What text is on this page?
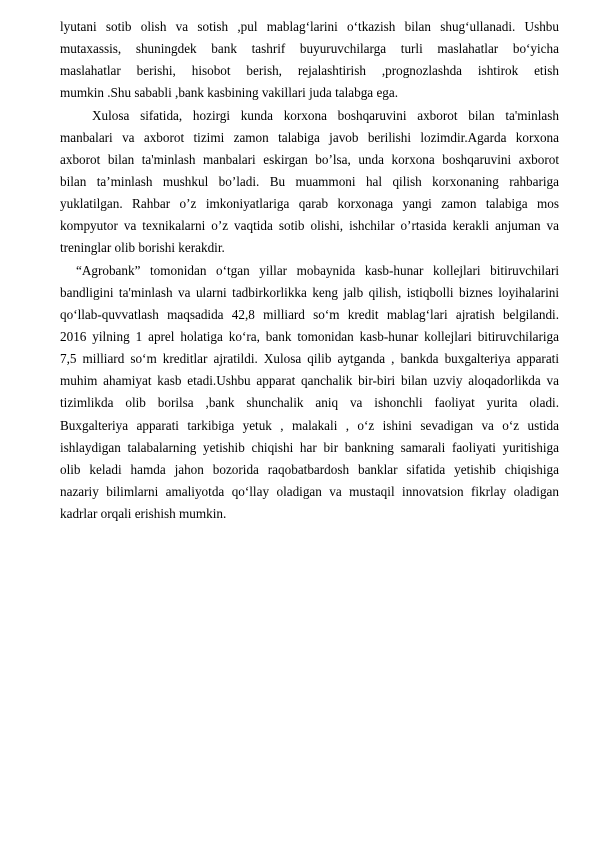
lyutani sotib olish va sotish ,pul mablag‘larini o‘tkazish bilan shug‘ullanadi. Ushbu
mutaxassis, shuningdek bank tashrif buyuruvchilarga turli maslahatlar bo‘yicha
maslahatlar berishi, hisobot berish, rejalashtirish ,prognozlashda ishtirok etish
mumkin .Shu sababli ,bank kasbining vakillari juda talabga ega.
Xulosa sifatida, hozirgi kunda korxona boshqaruvini axborot bilan ta'minlash
manbalari va axborot tizimi zamon talabiga javob berilishi lozimdir.Agarda korxona
axborot bilan ta'minlash manbalari eskirgan bo’lsa, unda korxona boshqaruvini axborot
bilan ta’minlash mushkul bo’ladi. Bu muammoni hal qilish korxonaning rahbariga
yuklatilgan. Rahbar o’z imkoniyatlariga qarab korxonaga yangi zamon talabiga mos
kompyutor va texnikalarni o’z vaqtida sotib olishi, ishchilar o’rtasida kerakli anjuman va
treninglar olib borishi kerakdir.
“Agrobank” tomonidan o‘tgan yillar mobaynida kasb-hunar kollejlari bitiruvchilari
bandligini ta'minlash va ularni tadbirkorlikka keng jalb qilish, istiqbolli biznes loyihalarini
qo‘llab-quvvatlash maqsadida 42,8 milliard so‘m kredit mablag‘lari ajratish belgilandi.
2016 yilning 1 aprel holatiga ko‘ra, bank tomonidan kasb-hunar kollejlari bitiruvchilariga
7,5 milliard so‘m kreditlar ajratildi. Xulosa qilib aytganda , bankda buxgalteriya apparati
muhim ahamiyat kasb etadi.Ushbu apparat qanchalik bir-biri bilan uzviy aloqadorlikda va
tizimlikda olib borilsa ,bank shunchalik aniq va ishonchli faoliyat yurita oladi.
Buxgalteriya apparati tarkibiga yetuk , malakali , o‘z ishini sevadigan va o‘z ustida
ishlaydigan talabalarning yetishib chiqishi har bir bankning samarali faoliyati yuritishiga
olib keladi hamda jahon bozorida raqobatbardosh banklar sifatida yetishib chiqishiga
nazariy bilimlarni amaliyotda qo‘llay oladigan va mustaqil innovatsion fikrlay oladigan
kadrlar orqali erishish mumkin.
